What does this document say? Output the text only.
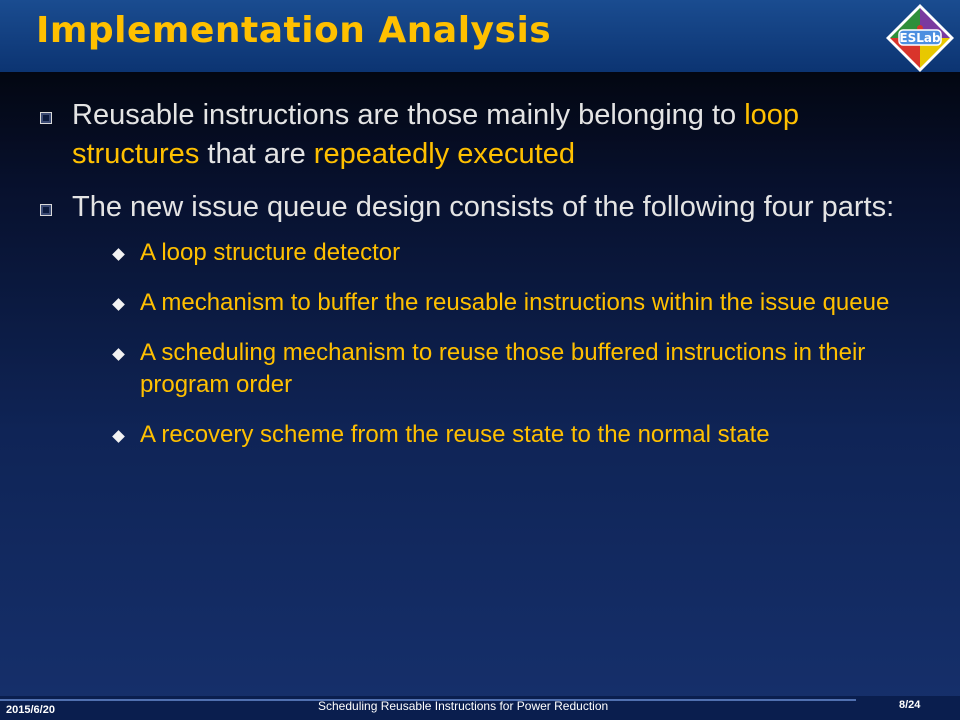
Implementation Analysis	ESLab
Reusable instructions are those mainly belonging to loop structures that are repeatedly executed
The new issue queue design consists of the following four parts:
A loop structure detector
A mechanism to buffer the reusable instructions within the issue queue
A scheduling mechanism to reuse those buffered instructions in their program order
A recovery scheme from the reuse state to the normal state
2015/6/20	Scheduling Reusable Instructions for Power Reduction	8/24
